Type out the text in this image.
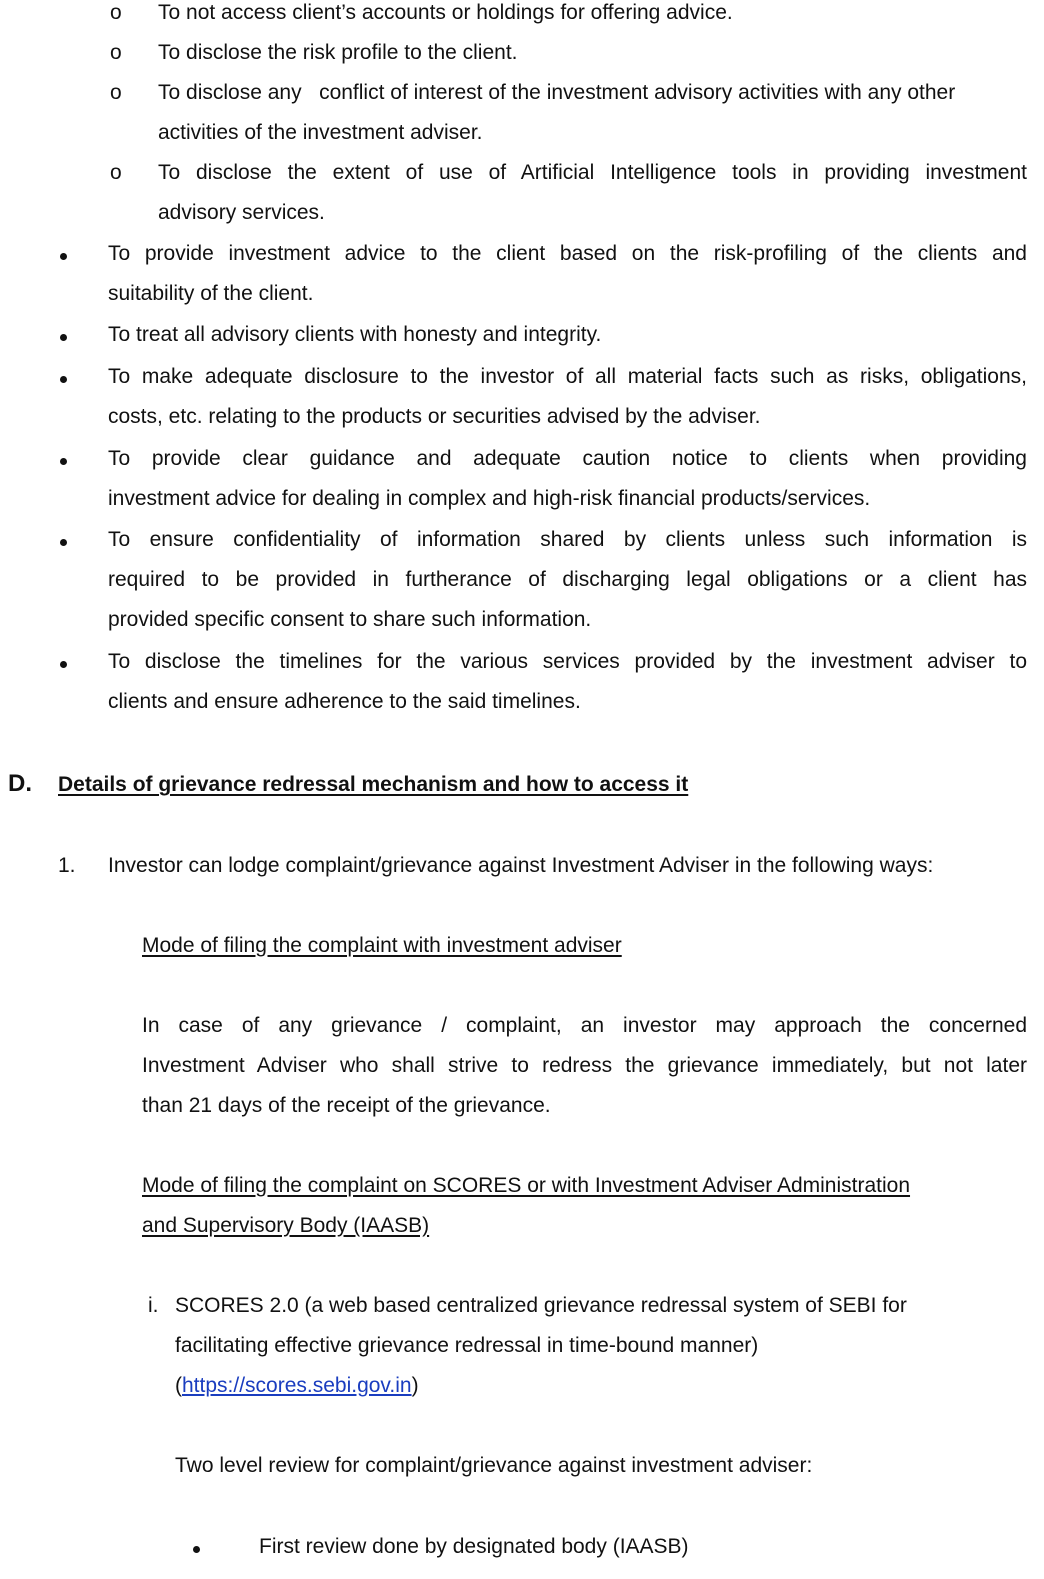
o To not access client’s accounts or holdings for offering advice.
o To disclose the risk profile to the client.
o To disclose any   conflict of interest of the investment advisory activities with any other
activities of the investment adviser.
o To disclose the extent of use of Artificial Intelligence tools in providing investment
advisory services.
To provide investment advice to the client based on the risk-profiling of the clients and
suitability of the client.
To treat all advisory clients with honesty and integrity.
To make adequate disclosure to the investor of all material facts such as risks, obligations,
costs, etc. relating to the products or securities advised by the adviser.
To provide clear guidance and adequate caution notice to clients when providing
investment advice for dealing in complex and high-risk financial products/services.
To ensure confidentiality of information shared by clients unless such information is
required to be provided in furtherance of discharging legal obligations or a client has
provided specific consent to share such information.
To disclose the timelines for the various services provided by the investment adviser to
clients and ensure adherence to the said timelines.
D. Details of grievance redressal mechanism and how to access it
1. Investor can lodge complaint/grievance against Investment Adviser in the following ways:
Mode of filing the complaint with investment adviser
In case of any grievance / complaint, an investor may approach the concerned
Investment Adviser who shall strive to redress the grievance immediately, but not later
than 21 days of the receipt of the grievance.
Mode of filing the complaint on SCORES or with Investment Adviser Administration
and Supervisory Body (IAASB)
i. SCORES 2.0 (a web based centralized grievance redressal system of SEBI for
facilitating effective grievance redressal in time-bound manner)
(https://scores.sebi.gov.in)
Two level review for complaint/grievance against investment adviser:
First review done by designated body (IAASB)
